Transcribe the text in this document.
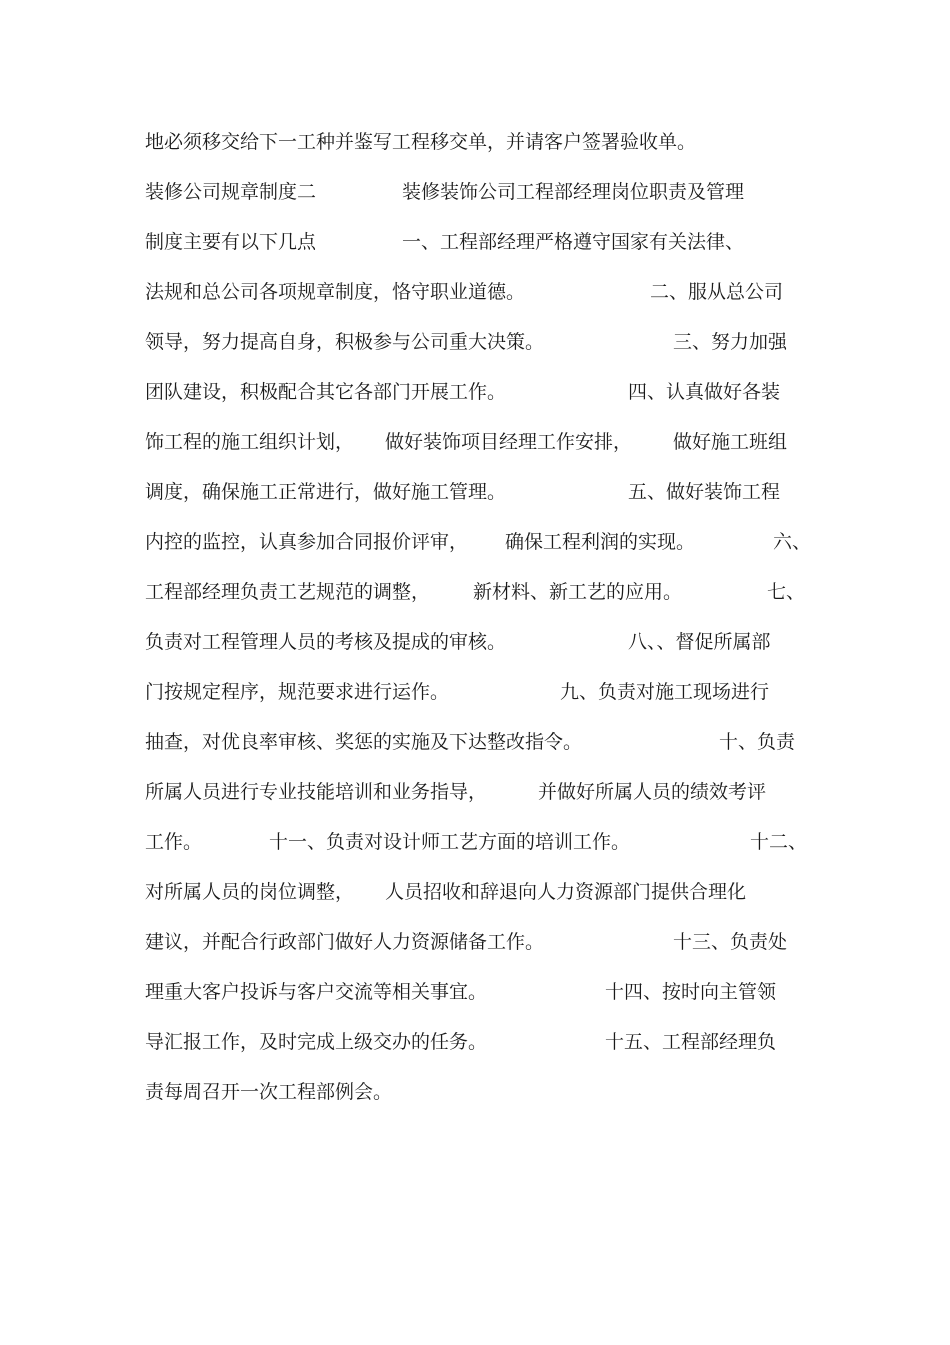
地必须移交给下一工种并鉴写工程移交单，并请客户签署验收单。
装修公司规章制度二	装修装饰公司工程部经理岗位职责及管理
制度主要有以下几点	一、工程部经理严格遵守国家有关法律、
法规和总公司各项规章制度，恪守职业道德。	二、服从总公司
领导，努力提高自身，积极参与公司重大决策。	三、努力加强
团队建设，积极配合其它各部门开展工作。	四、认真做好各装
饰工程的施工组织计划， 做好装饰项目经理工作安排， 做好施工班组
调度，确保施工正常进行，做好施工管理。	五、做好装饰工程
内控的监控，认真参加合同报价评审， 确保工程利润的实现。	六、
工程部经理负责工艺规范的调整， 新材料、新工艺的应用。	七、
负责对工程管理人员的考核及提成的审核。	八、、督促所属部
门按规定程序，规范要求进行运作。	九、负责对施工现场进行
抽查，对优良率审核、奖惩的实施及下达整改指令。	十、负责
所属人员进行专业技能培训和业务指导，	并做好所属人员的绩效考评
工作。	十一、负责对设计师工艺方面的培训工作。	十二、
对所属人员的岗位调整， 人员招收和辞退向人力资源部门提供合理化
建议，并配合行政部门做好人力资源储备工作。	十三、负责处
理重大客户投诉与客户交流等相关事宜。	十四、按时向主管领
导汇报工作，及时完成上级交办的任务。	十五、工程部经理负
责每周召开一次工程部例会。
